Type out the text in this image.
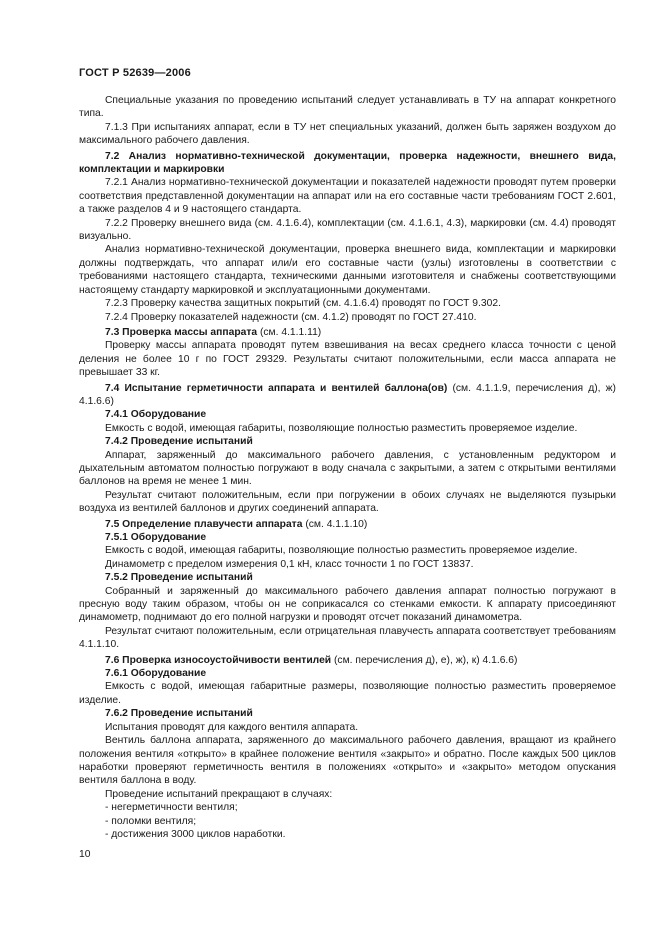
ГОСТ Р 52639—2006

Специальные указания по проведению испытаний следует устанавливать в ТУ на аппарат конкретного типа.

7.1.3 При испытаниях аппарат, если в ТУ нет специальных указаний, должен быть заряжен воздухом до максимального рабочего давления.

7.2 Анализ нормативно-технической документации, проверка надежности, внешнего вида, комплектации и маркировки

7.2.1 Анализ нормативно-технической документации и показателей надежности проводят путем проверки соответствия представленной документации на аппарат или на его составные части требованиям ГОСТ 2.601, а также разделов 4 и 9 настоящего стандарта.

7.2.2 Проверку внешнего вида (см. 4.1.6.4), комплектации (см. 4.1.6.1, 4.3), маркировки (см. 4.4) проводят визуально.

Анализ нормативно-технической документации, проверка внешнего вида, комплектации и маркировки должны подтверждать, что аппарат или/и его составные части (узлы) изготовлены в соответствии с требованиями настоящего стандарта, техническими данными изготовителя и снабжены соответствующими настоящему стандарту маркировкой и эксплуатационными документами.

7.2.3 Проверку качества защитных покрытий (см. 4.1.6.4) проводят по ГОСТ 9.302.

7.2.4 Проверку показателей надежности (см. 4.1.2) проводят по ГОСТ 27.410.

7.3 Проверка массы аппарата (см. 4.1.1.11)

Проверку массы аппарата проводят путем взвешивания на весах среднего класса точности с ценой деления не более 10 г по ГОСТ 29329. Результаты считают положительными, если масса аппарата не превышает 33 кг.

7.4 Испытание герметичности аппарата и вентилей баллона(ов) (см. 4.1.1.9, перечисления д), ж) 4.1.6.6)

7.4.1 Оборудование

Емкость с водой, имеющая габариты, позволяющие полностью разместить проверяемое изделие.

7.4.2 Проведение испытаний

Аппарат, заряженный до максимального рабочего давления, с установленным редуктором и дыхательным автоматом полностью погружают в воду сначала с закрытыми, а затем с открытыми вентилями баллонов на время не менее 1 мин.

Результат считают положительным, если при погружении в обоих случаях не выделяются пузырьки воздуха из вентилей баллонов и других соединений аппарата.

7.5 Определение плавучести аппарата (см. 4.1.1.10)

7.5.1 Оборудование

Емкость с водой, имеющая габариты, позволяющие полностью разместить проверяемое изделие.

Динамометр с пределом измерения 0,1 кН, класс точности 1 по ГОСТ 13837.

7.5.2 Проведение испытаний

Собранный и заряженный до максимального рабочего давления аппарат полностью погружают в пресную воду таким образом, чтобы он не соприкасался со стенками емкости. К аппарату присоединяют динамометр, поднимают до его полной нагрузки и проводят отсчет показаний динамометра.

Результат считают положительным, если отрицательная плавучесть аппарата соответствует требованиям 4.1.1.10.

7.6 Проверка износоустойчивости вентилей (см. перечисления д), е), ж), к) 4.1.6.6)

7.6.1 Оборудование

Емкость с водой, имеющая габаритные размеры, позволяющие полностью разместить проверяемое изделие.

7.6.2 Проведение испытаний

Испытания проводят для каждого вентиля аппарата.

Вентиль баллона аппарата, заряженного до максимального рабочего давления, вращают из крайнего положения вентиля «открыто» в крайнее положение вентиля «закрыто» и обратно. После каждых 500 циклов наработки проверяют герметичность вентиля в положениях «открыто» и «закрыто» методом опускания вентиля баллона в воду.

Проведение испытаний прекращают в случаях:

- негерметичности вентиля;

- поломки вентиля;

- достижения 3000 циклов наработки.

10
